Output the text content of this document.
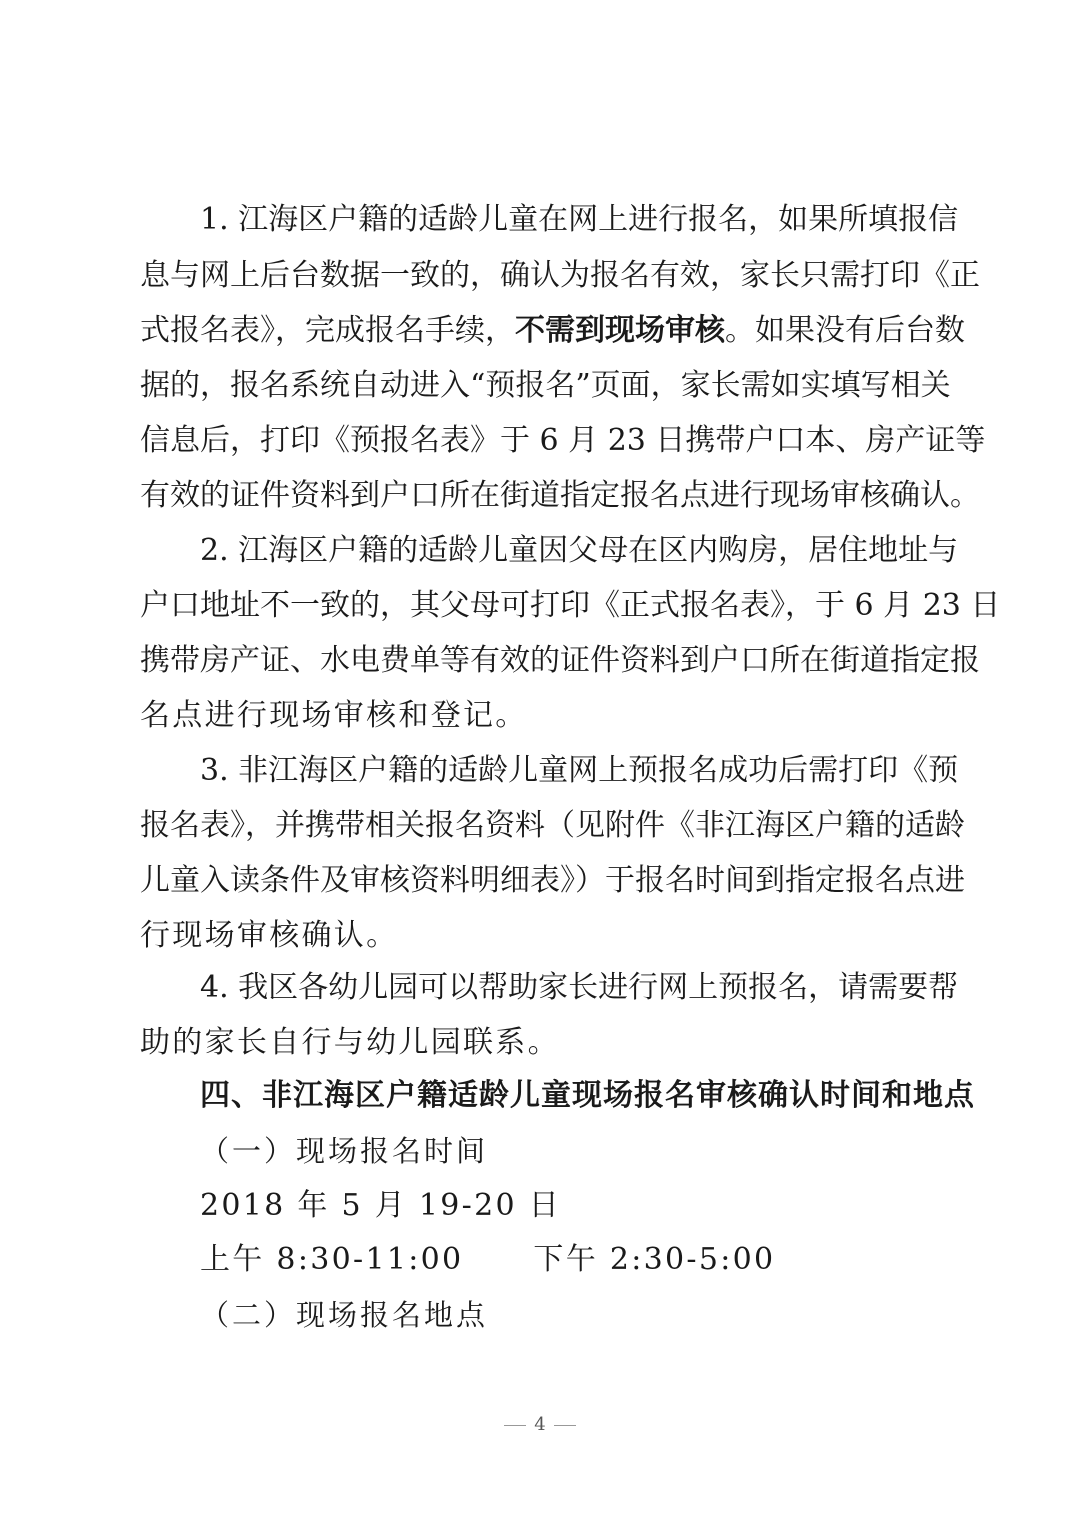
1. 江海区户籍的适龄儿童在网上进行报名，如果所填报信
息与网上后台数据一致的，确认为报名有效，家长只需打印《正
式报名表》，完成报名手续，不需到现场审核。如果没有后台数
据的，报名系统自动进入“预报名”页面，家长需如实填写相关
信息后，打印《预报名表》于 6 月 23 日携带户口本、房产证等
有效的证件资料到户口所在街道指定报名点进行现场审核确认。
2. 江海区户籍的适龄儿童因父母在区内购房，居住地址与
户口地址不一致的，其父母可打印《正式报名表》，于 6 月 23 日
携带房产证、水电费单等有效的证件资料到户口所在街道指定报
名点进行现场审核和登记。
3. 非江海区户籍的适龄儿童网上预报名成功后需打印《预
报名表》，并携带相关报名资料（见附件《非江海区户籍的适龄
儿童入读条件及审核资料明细表》）于报名时间到指定报名点进
行现场审核确认。
4. 我区各幼儿园可以帮助家长进行网上预报名，请需要帮
助的家长自行与幼儿园联系。
四、非江海区户籍适龄儿童现场报名审核确认时间和地点
（一）现场报名时间
2018 年 5 月 19-20 日
上午 8:30-11:00 下午 2:30-5:00
（二）现场报名地点
4
